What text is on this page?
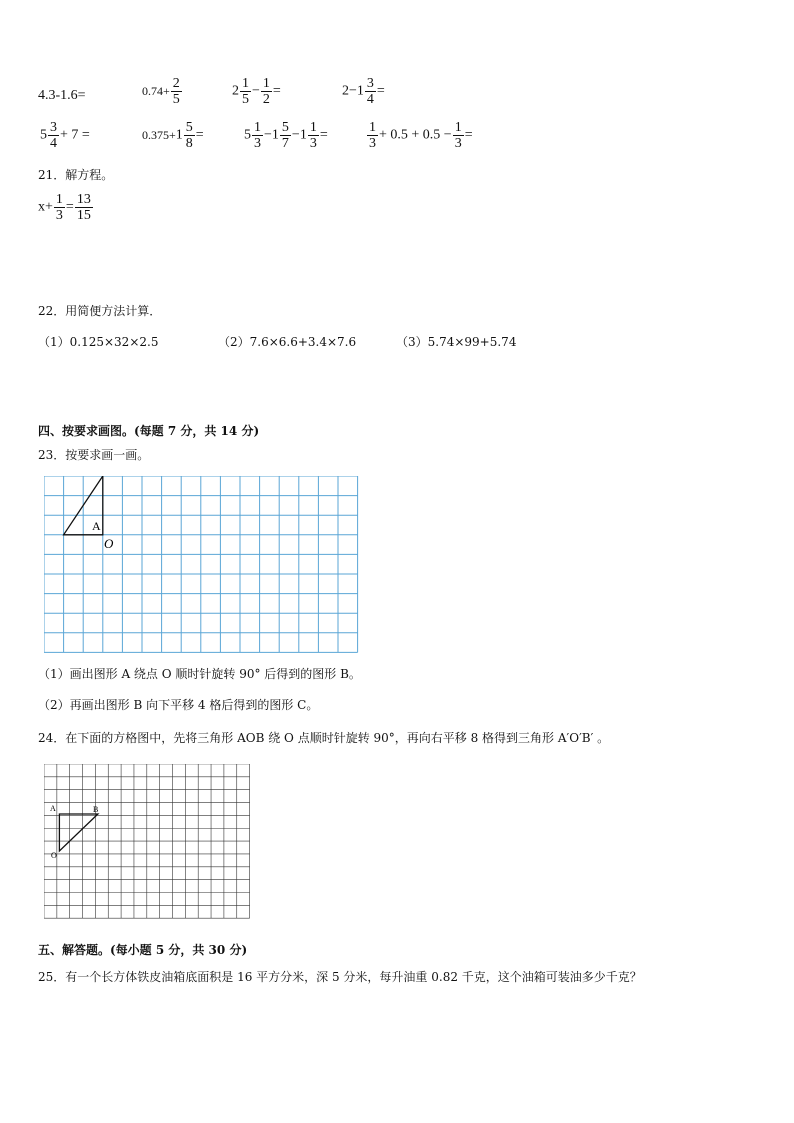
4.3-1.6=	$0.74+ \frac{2}{5}$	$2 \frac{1}{5} - \frac{1}{2}$ =	$2-1 \frac{3}{4}$ =
$5 \frac{3}{4} + 7$ =	$0.375+1 \frac{5}{8}$ =	$5 \frac{1}{3} -1 \frac{5}{7} -1 \frac{1}{3}$ =	$\frac{1}{3} + 0.5 + 0.5 - \frac{1}{3}$ =
21．解方程。
$x+ \frac{1}{3} = \frac{13}{15}$
22．用简便方法计算．
（1）0.125×32×2.5	（2）7.6×6.6+3.4×7.6	（3）5.74×99+5.74
四、按要求画图。(每题 7 分，共 14 分)
23．按要求画一画。
A
O
（1）画出图形 A 绕点 O 顺时针旋转 90° 后得到的图形 B。
（2）再画出图形 B 向下平移 4 格后得到的图形 C。
24．在下面的方格图中，先将三角形 AOB 绕 O 点顺时针旋转 90°，再向右平移 8 格得到三角形 A′O′B′ 。
A	B
O
五、解答题。(每小题 5 分，共 30 分)
25．有一个长方体铁皮油箱底面积是 16 平方分米，深 5 分米，每升油重 0.82 千克，这个油箱可装油多少千克？
